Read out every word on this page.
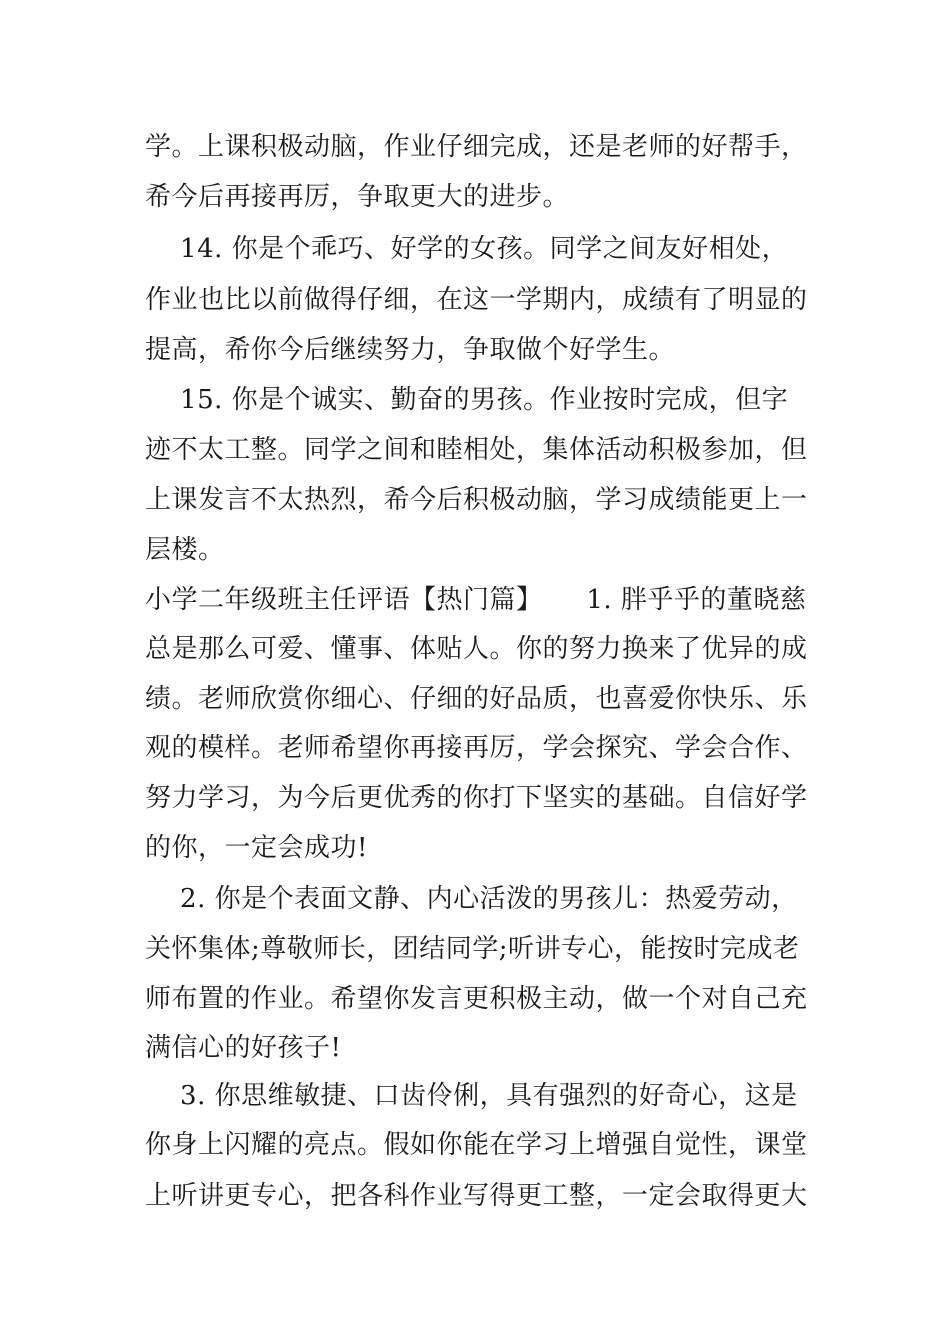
学。上课积极动脑，作业仔细完成，还是老师的好帮手，
希今后再接再厉，争取更大的进步。
14. 你是个乖巧、好学的女孩。同学之间友好相处，
作业也比以前做得仔细，在这一学期内，成绩有了明显的
提高，希你今后继续努力，争取做个好学生。
15. 你是个诚实、勤奋的男孩。作业按时完成，但字
迹不太工整。同学之间和睦相处，集体活动积极参加，但
上课发言不太热烈，希今后积极动脑，学习成绩能更上一
层楼。
小学二年级班主任评语【热门篇】     1. 胖乎乎的董晓慈
总是那么可爱、懂事、体贴人。你的努力换来了优异的成
绩。老师欣赏你细心、仔细的好品质，也喜爱你快乐、乐
观的模样。老师希望你再接再厉，学会探究、学会合作、
努力学习，为今后更优秀的你打下坚实的基础。自信好学
的你，一定会成功!
2. 你是个表面文静、内心活泼的男孩儿：热爱劳动，
关怀集体;尊敬师长，团结同学;听讲专心，能按时完成老
师布置的作业。希望你发言更积极主动，做一个对自己充
满信心的好孩子!
3. 你思维敏捷、口齿伶俐，具有强烈的好奇心，这是
你身上闪耀的亮点。假如你能在学习上增强自觉性，课堂
上听讲更专心，把各科作业写得更工整，一定会取得更大
